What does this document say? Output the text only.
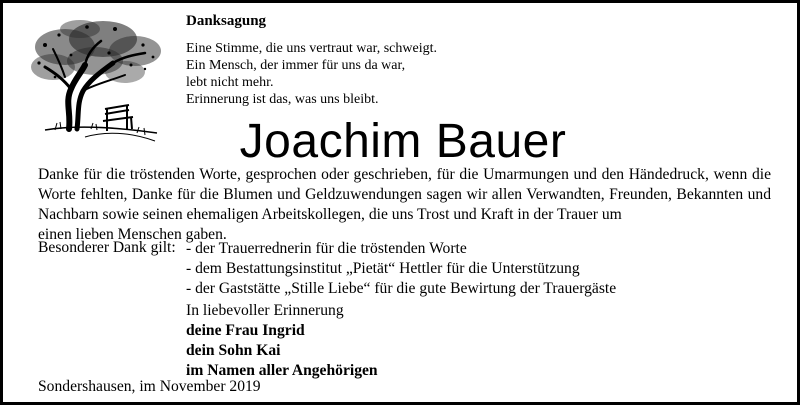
Danksagung
Eine Stimme, die uns vertraut war, schweigt.
Ein Mensch, der immer für uns da war,
lebt nicht mehr.
Erinnerung ist das, was uns bleibt.
Joachim Bauer
Danke für die tröstenden Worte, gesprochen oder geschrieben, für die Umarmungen und den Händedruck, wenn die Worte fehlten, Danke für die Blumen und Geldzuwendungen sagen wir allen Verwandten, Freunden, Bekannten und Nachbarn sowie seinen ehemaligen Arbeitskollegen, die uns Trost und Kraft in der Trauer um
einen lieben Menschen gaben.
Besonderer Dank gilt: - der Trauerrednerin für die tröstenden Worte
- dem Bestattungsinstitut „Pietät“ Hettler für die Unterstützung
- der Gaststätte „Stille Liebe“ für die gute Bewirtung der Trauergäste
In liebevoller Erinnerung
deine Frau Ingrid
dein Sohn Kai
im Namen aller Angehörigen
Sondershausen, im November 2019
